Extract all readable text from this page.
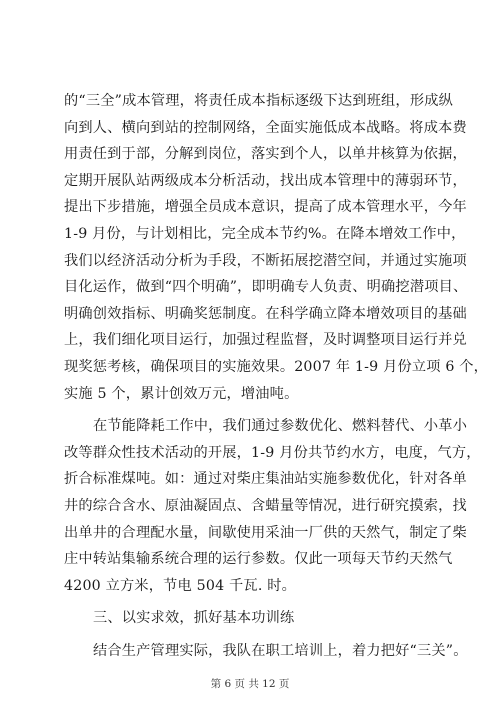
的“三全”成本管理，将责任成本指标逐级下达到班组，形成纵
向到人、横向到站的控制网络，全面实施低成本战略。将成本费
用责任到于部，分解到岗位，落实到个人，以单井核算为依据，
定期开展队站两级成本分析活动，找出成本管理中的薄弱环节，
提出下步措施，增强全员成本意识，提高了成本管理水平，今年
1-9 月份，与计划相比，完全成本节约%。在降本增效工作中，
我们以经济活动分析为手段，不断拓展挖潜空间，并通过实施项
目化运作，做到“四个明确”，即明确专人负责、明确挖潜项目、
明确创效指标、明确奖惩制度。在科学确立降本增效项目的基础
上，我们细化项目运行，加强过程监督，及时调整项目运行并兑
现奖惩考核，确保项目的实施效果。2007 年 1-9 月份立项 6 个，
实施 5 个，累计创效万元，增油吨。
在节能降耗工作中，我们通过参数优化、燃料替代、小革小
改等群众性技术活动的开展，1-9 月份共节约水方，电度，气方，
折合标准煤吨。如：通过对柴庄集油站实施参数优化，针对各单
井的综合含水、原油凝固点、含蜡量等情况，进行研究摸索，找
出单井的合理配水量，间歇使用采油一厂供的天然气，制定了柴
庄中转站集输系统合理的运行参数。仅此一项每天节约天然气
4200 立方米，节电 504 千瓦. 时。
三、以实求效，抓好基本功训练
结合生产管理实际，我队在职工培训上，着力把好“三关”。
第 6 页 共 12 页
